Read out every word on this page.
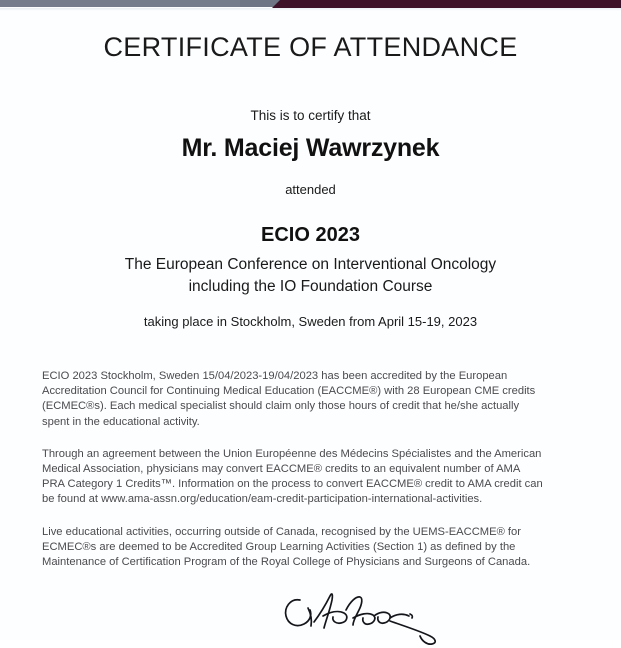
CERTIFICATE OF ATTENDANCE
This is to certify that
Mr. Maciej Wawrzynek
attended
ECIO 2023
The European Conference on Interventional Oncology
including the IO Foundation Course
taking place in Stockholm, Sweden from April 15-19, 2023

ECIO 2023 Stockholm, Sweden 15/04/2023-19/04/2023 has been accredited by the European Accreditation Council for Continuing Medical Education (EACCME®) with 28 European CME credits (ECMEC®s). Each medical specialist should claim only those hours of credit that he/she actually spent in the educational activity.

Through an agreement between the Union Européenne des Médecins Spécialistes and the American Medical Association, physicians may convert EACCME® credits to an equivalent number of AMA PRA Category 1 Credits™. Information on the process to convert EACCME® credit to AMA credit can be found at www.ama-assn.org/education/eam-credit-participation-international-activities.

Live educational activities, occurring outside of Canada, recognised by the UEMS-EACCME® for ECMEC®s are deemed to be Accredited Group Learning Activities (Section 1) as defined by the Maintenance of Certification Program of the Royal College of Physicians and Surgeons of Canada.
